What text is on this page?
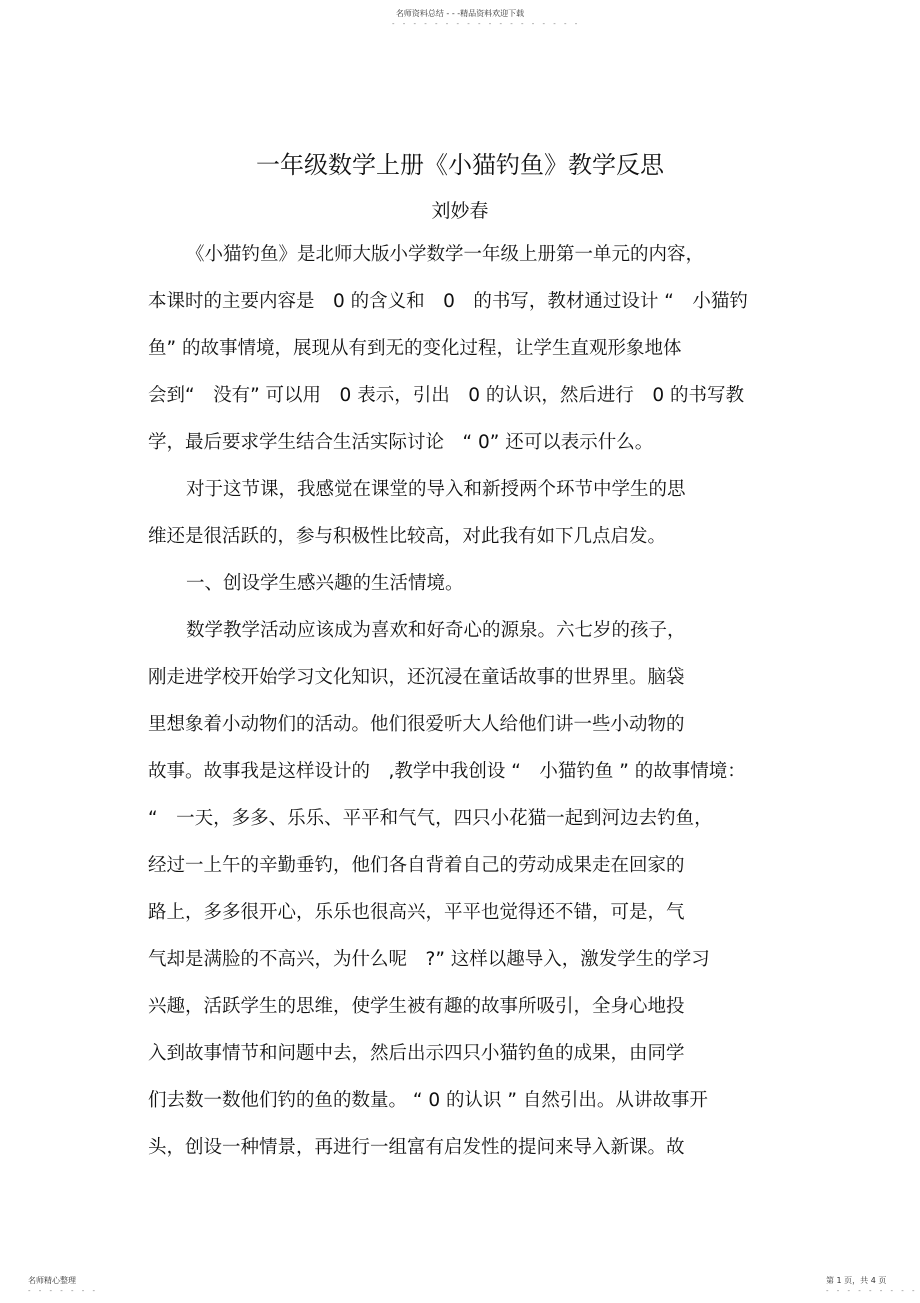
名师资料总结 - - -精品资料欢迎下载
- - - - - - - - - - - - - - - - - -
一年级数学上册《小猫钓鱼》教学反思
刘妙春
《小猫钓鱼》是北师大版小学数学一年级上册第一单元的内容，
本课时的主要内容是　0 的含义和　0　的书写，教材通过设计 “　小猫钓
鱼” 的故事情境，展现从有到无的变化过程，让学生直观形象地体
会到“　没有” 可以用　0 表示，引出　0 的认识，然后进行　0 的书写教
学，最后要求学生结合生活实际讨论　“ 0” 还可以表示什么。
对于这节课，我感觉在课堂的导入和新授两个环节中学生的思
维还是很活跃的，参与积极性比较高，对此我有如下几点启发。
一、创设学生感兴趣的生活情境。
数学教学活动应该成为喜欢和好奇心的源泉。六七岁的孩子，
刚走进学校开始学习文化知识，还沉浸在童话故事的世界里。脑袋
里想象着小动物们的活动。他们很爱听大人给他们讲一些小动物的
故事。故事我是这样设计的　,教学中我创设 “　小猫钓鱼 ” 的故事情境：
“　一天，多多、乐乐、平平和气气，四只小花猫一起到河边去钓鱼，
经过一上午的辛勤垂钓，他们各自背着自己的劳动成果走在回家的
路上，多多很开心，乐乐也很高兴，平平也觉得还不错，可是，气
气却是满脸的不高兴，为什么呢　?” 这样以趣导入，激发学生的学习
兴趣，活跃学生的思维，使学生被有趣的故事所吸引，全身心地投
入到故事情节和问题中去，然后出示四只小猫钓鱼的成果，由同学
们去数一数他们钓的鱼的数量。 “ 0 的认识 ” 自然引出。从讲故事开
头，创设一种情景，再进行一组富有启发性的提问来导入新课。故
名师精心整理
- - - - - - -
第 1 页，共 4 页
- - - - - - - - -
